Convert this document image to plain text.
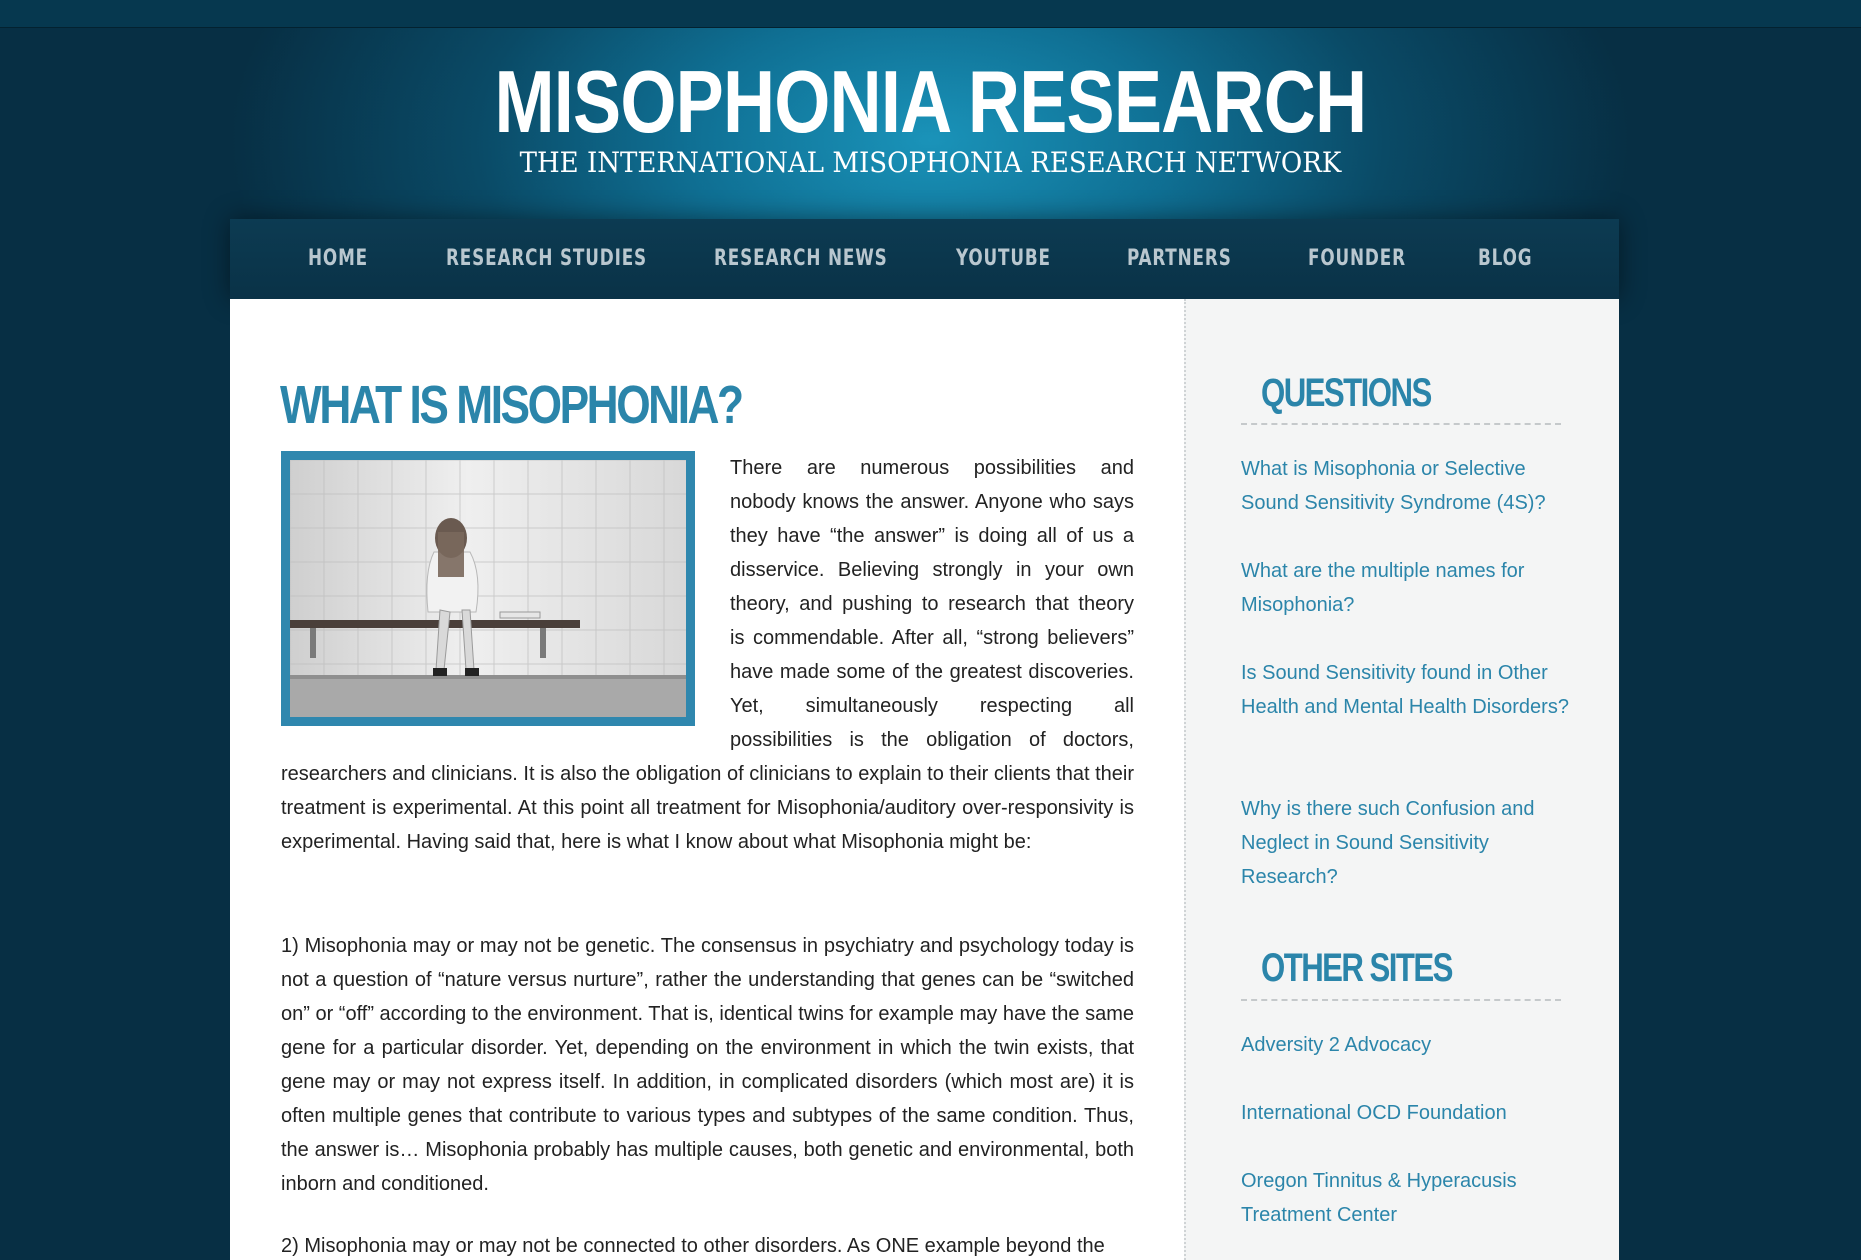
MISOPHONIA RESEARCH
THE INTERNATIONAL MISOPHONIA RESEARCH NETWORK
HOME	RESEARCH STUDIES	RESEARCH NEWS	YOUTUBE	PARTNERS	FOUNDER	BLOG
WHAT IS MISOPHONIA?
There are numerous possibilities and
nobody knows the answer. Anyone who says
they have “the answer” is doing all of us a
disservice. Believing strongly in your own
theory, and pushing to research that theory
is commendable. After all, “strong believers”
have made some of the greatest discoveries.
Yet, simultaneously respecting all
possibilities is the obligation of doctors,

researchers and clinicians. It is also the obligation of clinicians to explain to their clients that their treatment is experimental. At this point all treatment for Misophonia/auditory over-responsivity is experimental. Having said that, here is what I know about what Misophonia might be:

1) Misophonia may or may not be genetic. The consensus in psychiatry and psychology today is not a question of “nature versus nurture”, rather the understanding that genes can be “switched on” or “off” according to the environment. That is, identical twins for example may have the same gene for a particular disorder. Yet, depending on the environment in which the twin exists, that gene may or may not express itself. In addition, in complicated disorders (which most are) it is often multiple genes that contribute to various types and subtypes of the same condition. Thus, the answer is… Misophonia probably has multiple causes, both genetic and environmental, both inborn and conditioned.

2) Misophonia may or may not be connected to other disorders. As ONE example beyond the

QUESTIONS
What is Misophonia or Selective Sound Sensitivity Syndrome (4S)?
What are the multiple names for Misophonia?
Is Sound Sensitivity found in Other Health and Mental Health Disorders?
Why is there such Confusion and Neglect in Sound Sensitivity Research?
OTHER SITES
Adversity 2 Advocacy
International OCD Foundation
Oregon Tinnitus & Hyperacusis Treatment Center
